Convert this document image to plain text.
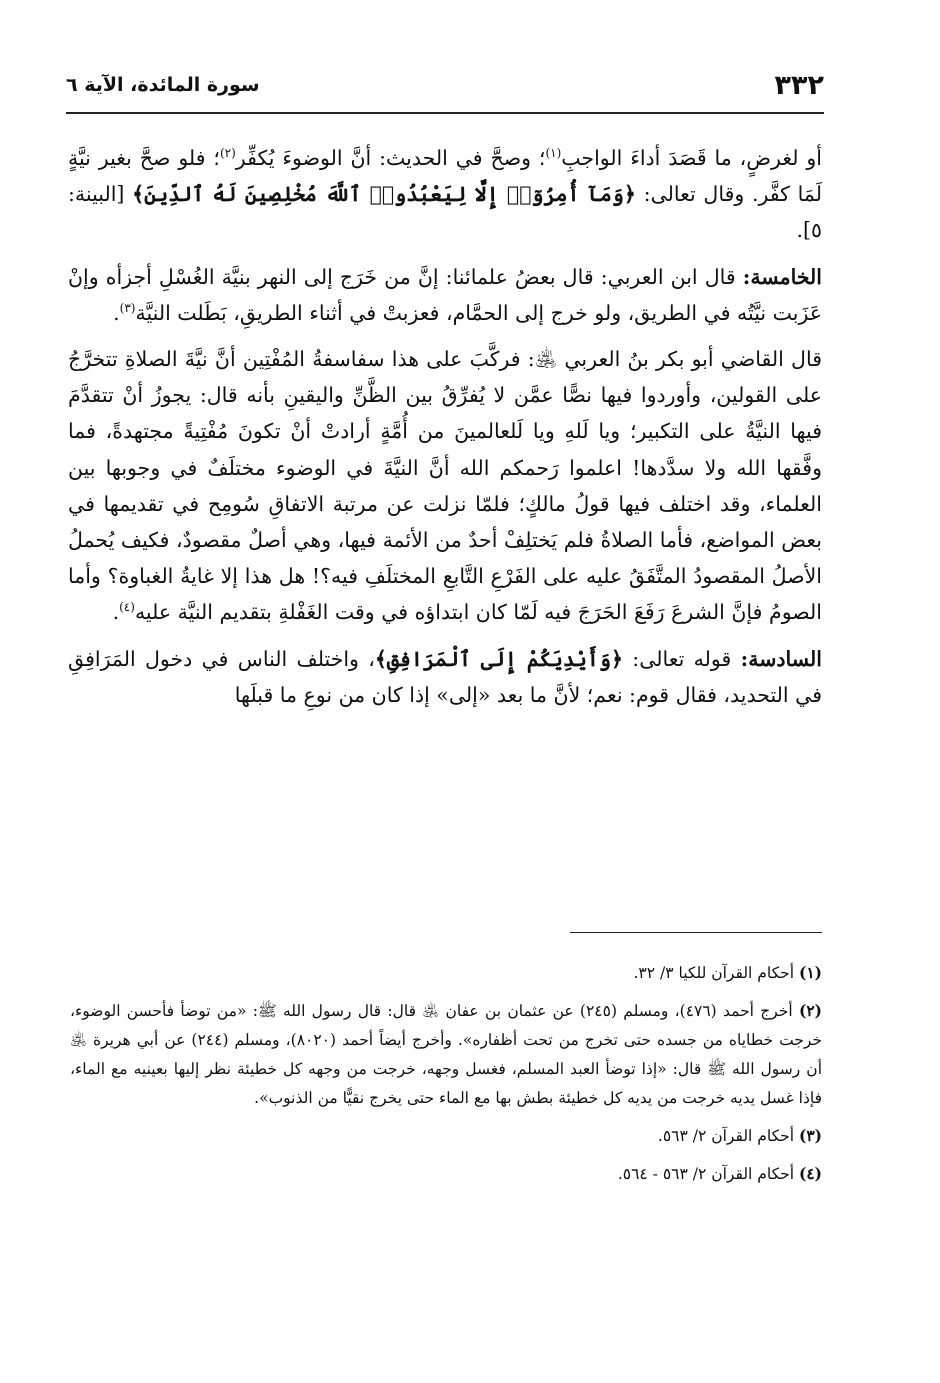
٣٣٢
سورة المائدة، الآية ٦

أو لغرضٍ، ما قَصَدَ أداءَ الواجبِ$^{(١)}$؛ وصحَّ في الحديث: أنَّ الوضوءَ يُكفِّر$^{(٢)}$؛ فلو صحَّ بغير نيَّةٍ لَمَا كفَّر. وقال تعالى: ﴿وَمَآ أُمِرُوٓا۟ إِلَّا لِيَعْبُدُوا۟ ٱللَّهَ مُخْلِصِينَ لَهُ ٱلدِّينَ﴾ [البينة: ٥].

الخامسة: قال ابن العربي: قال بعضُ علمائنا: إنَّ من خَرَج إلى النهر بنيَّة الغُسْلِ أجزأه وإنْ عَزَبت نيَّتُه في الطريق، ولو خرج إلى الحمَّام، فعزبتْ في أثناء الطريقِ، بَطَلت النيَّة$^{(٣)}$.

قال القاضي أبو بكر بنُ العربي ﵁: فركَّبَ على هذا سفاسفةُ المُفْتِين أنَّ نيَّةَ الصلاةِ تتخرَّجُ على القولين، وأوردوا فيها نصًّا عمَّن لا يُفرِّقُ بين الظَّنِّ واليقينِ بأنه قال: يجوزُ أنْ تتقدَّمَ فيها النيَّةُ على التكبير؛ ويا لَلهِ ويا لَلعالمينَ من أُمَّةٍ أرادتْ أنْ تكونَ مُفْتِيةً مجتهدةً، فما وفَّقها الله ولا سدَّدها! اعلموا رَحمكم الله أنَّ النيَّةَ في الوضوء مختلَفٌ في وجوبها بين العلماء، وقد اختلف فيها قولُ مالكٍ؛ فلمّا نزلت عن مرتبة الاتفاقِ سُومِح في تقديمها في بعض المواضع، فأما الصلاةُ فلم يَختلِفْ أحدٌ من الأئمة فيها، وهي أصلٌ مقصودٌ، فكيف يُحملُ الأصلُ المقصودُ المتَّفَقُ عليه على الفَرْعِ التَّابعِ المختلَفِ فيه؟! هل هذا إلا غايةُ الغباوة؟ وأما الصومُ فإنَّ الشرعَ رَفَعَ الحَرَجَ فيه لَمّا كان ابتداؤه في وقت الغَفْلةِ بتقديم النيَّة عليه$^{(٤)}$.

السادسة: قوله تعالى: ﴿وَأَيْدِيَكُمْ إِلَى ٱلْمَرَافِقِ﴾، واختلف الناس في دخول المَرَافِقِ في التحديد، فقال قوم: نعم؛ لأنَّ ما بعد «إلى» إذا كان من نوعِ ما قبلَها

(١) أحكام القرآن للكيا ٣/ ٣٢.
(٢) أخرج أحمد (٤٧٦)، ومسلم (٢٤٥) عن عثمان بن عفان ﵁ قال: قال رسول الله ﷺ: «من توضأ فأحسن الوضوء، خرجت خطاياه من جسده حتى تخرج من تحت أظفاره». وأخرج أيضاً أحمد (٨٠٢٠)، ومسلم (٢٤٤) عن أبي هريرة ﵁ أن رسول الله ﷺ قال: «إذا توضأ العبد المسلم، فغسل وجهه، خرجت من وجهه كل خطيئة نظر إليها بعينيه مع الماء، فإذا غسل يديه خرجت من يديه كل خطيئة بطش بها مع الماء حتى يخرج نقيًّا من الذنوب».
(٣) أحكام القرآن ٢/ ٥٦٣.
(٤) أحكام القرآن ٢/ ٥٦٣ - ٥٦٤.
